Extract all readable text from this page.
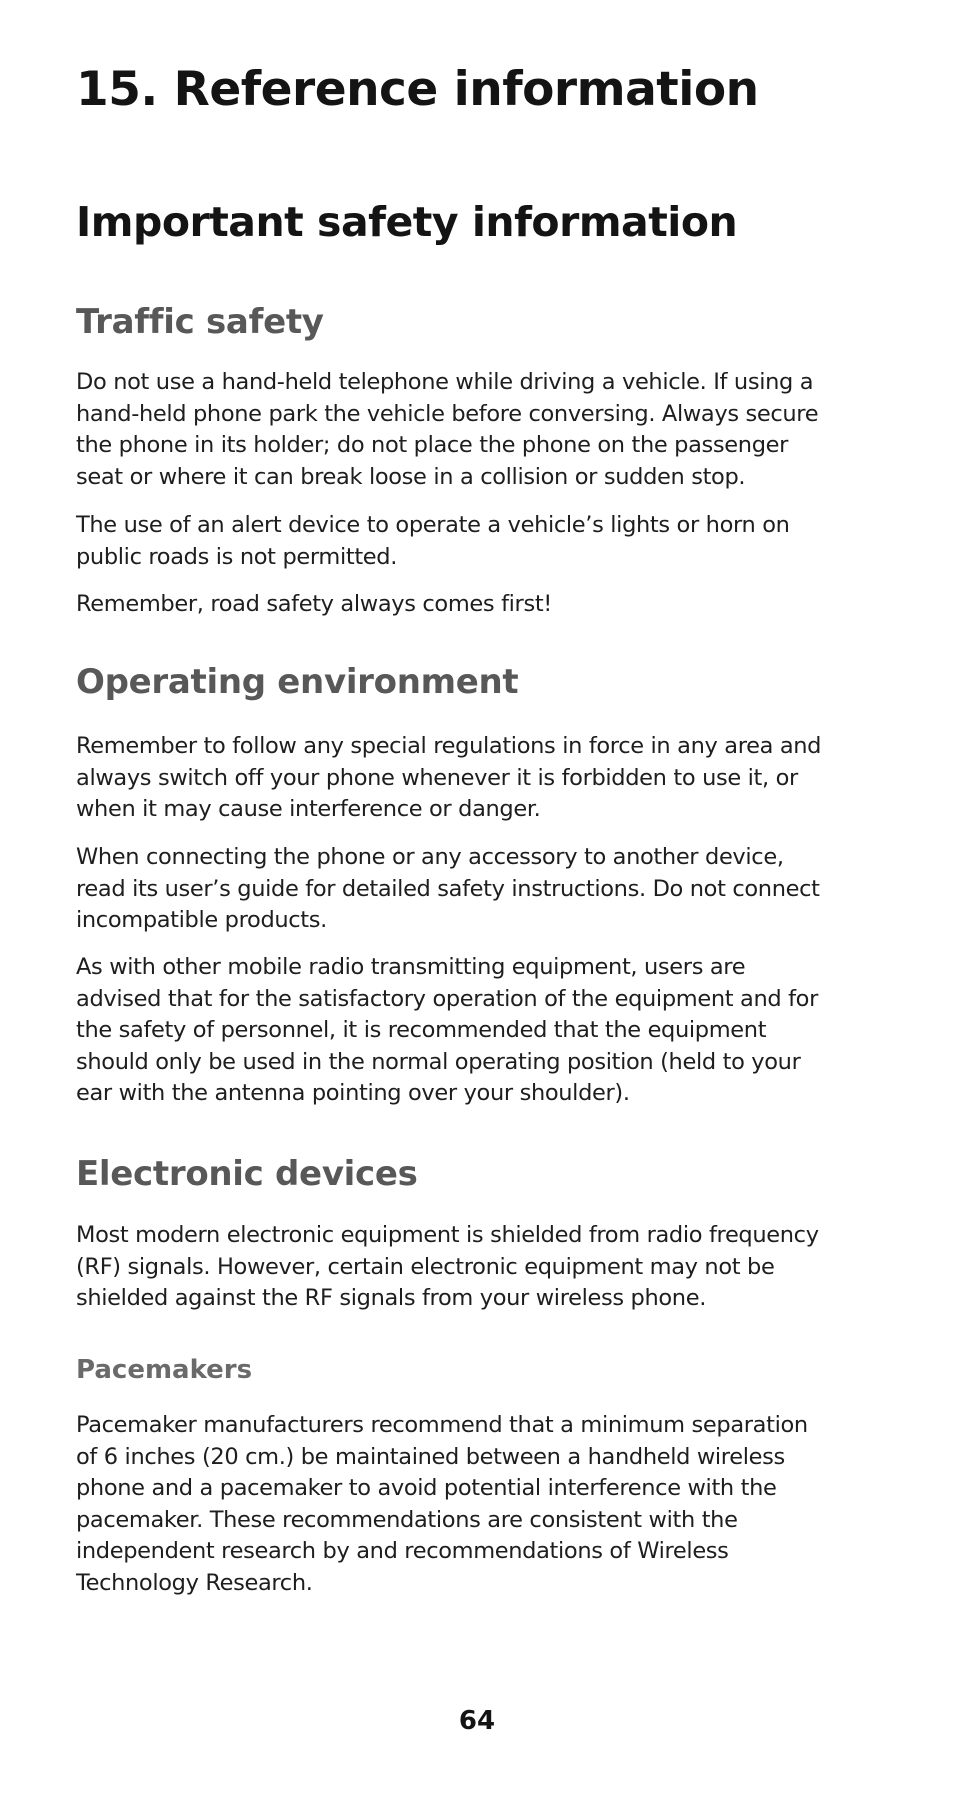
15. Reference information
Important safety information
Traffic safety

Do not use a hand-held telephone while driving a vehicle. If using a hand-held phone park the vehicle before conversing. Always secure the phone in its holder; do not place the phone on the passenger seat or where it can break loose in a collision or sudden stop.

The use of an alert device to operate a vehicle’s lights or horn on public roads is not permitted.

Remember, road safety always comes first!

Operating environment

Remember to follow any special regulations in force in any area and always switch off your phone whenever it is forbidden to use it, or when it may cause interference or danger.

When connecting the phone or any accessory to another device, read its user’s guide for detailed safety instructions. Do not connect incompatible products.

As with other mobile radio transmitting equipment, users are advised that for the satisfactory operation of the equipment and for the safety of personnel, it is recommended that the equipment should only be used in the normal operating position (held to your ear with the antenna pointing over your shoulder).

Electronic devices

Most modern electronic equipment is shielded from radio frequency (RF) signals. However, certain electronic equipment may not be shielded against the RF signals from your wireless phone.

Pacemakers

Pacemaker manufacturers recommend that a minimum separation of 6 inches (20 cm.) be maintained between a handheld wireless phone and a pacemaker to avoid potential interference with the pacemaker. These recommendations are consistent with the independent research by and recommendations of Wireless Technology Research.

64
